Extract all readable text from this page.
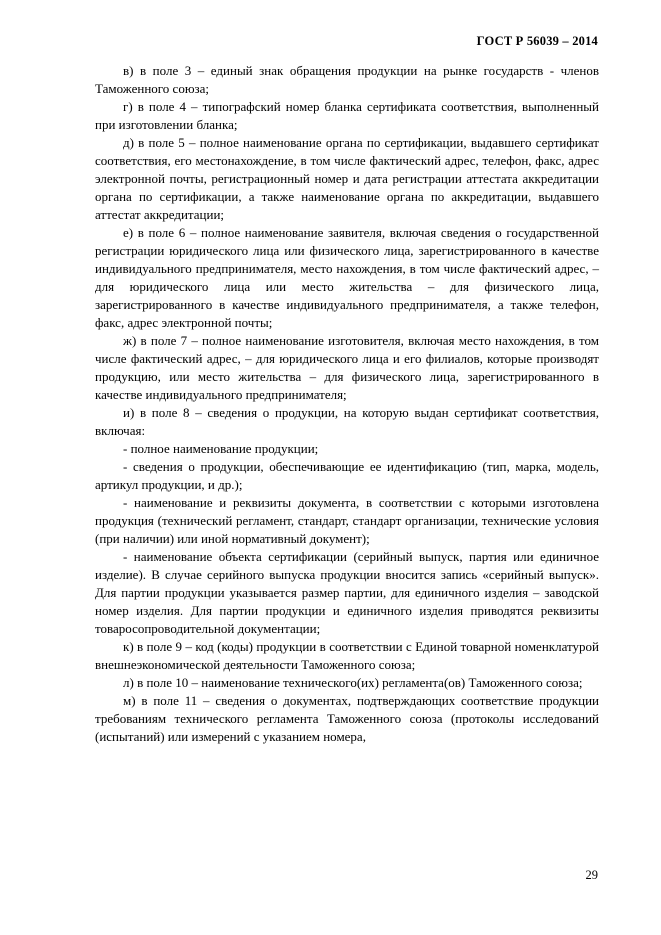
ГОСТ Р 56039 – 2014

в) в поле 3 – единый знак обращения продукции на рынке государств - членов Таможенного союза;

г) в поле 4 – типографский номер бланка сертификата соответствия, выполненный при изготовлении бланка;

д) в поле 5 – полное наименование органа по сертификации, выдавшего сертификат соответствия, его местонахождение, в том числе фактический адрес, телефон, факс, адрес электронной почты, регистрационный номер и дата регистрации аттестата аккредитации органа по сертификации, а также наименование органа по аккредитации, выдавшего аттестат аккредитации;

е) в поле 6 – полное наименование заявителя, включая сведения о государственной регистрации юридического лица или физического лица, зарегистрированного в качестве индивидуального предпринимателя, место нахождения, в том числе фактический адрес, – для юридического лица или место жительства – для физического лица, зарегистрированного в качестве индивидуального предпринимателя, а также телефон, факс, адрес электронной почты;

ж) в поле 7 – полное наименование изготовителя, включая место нахождения, в том числе фактический адрес, – для юридического лица и его филиалов, которые производят продукцию, или место жительства – для физического лица, зарегистрированного в качестве индивидуального предпринимателя;

и) в поле 8 – сведения о продукции, на которую выдан сертификат соответствия, включая:

- полное наименование продукции;

- сведения о продукции, обеспечивающие ее идентификацию (тип, марка, модель, артикул продукции, и др.);

- наименование и реквизиты документа, в соответствии с которыми изготовлена продукция (технический регламент, стандарт, стандарт организации, технические условия (при наличии) или иной нормативный документ);

- наименование объекта сертификации (серийный выпуск, партия или единичное изделие). В случае серийного выпуска продукции вносится запись «серийный выпуск». Для партии продукции указывается размер партии, для единичного изделия – заводской номер изделия. Для партии продукции и единичного изделия приводятся реквизиты товаросопроводительной документации;

к) в поле 9 – код (коды) продукции в соответствии с Единой товарной номенклатурой внешнеэкономической деятельности Таможенного союза;

л) в поле 10 – наименование технического(их) регламента(ов) Таможенного союза;

м) в поле 11 – сведения о документах, подтверждающих соответствие продукции требованиям технического регламента Таможенного союза (протоколы исследований (испытаний) или измерений с указанием номера,

29
